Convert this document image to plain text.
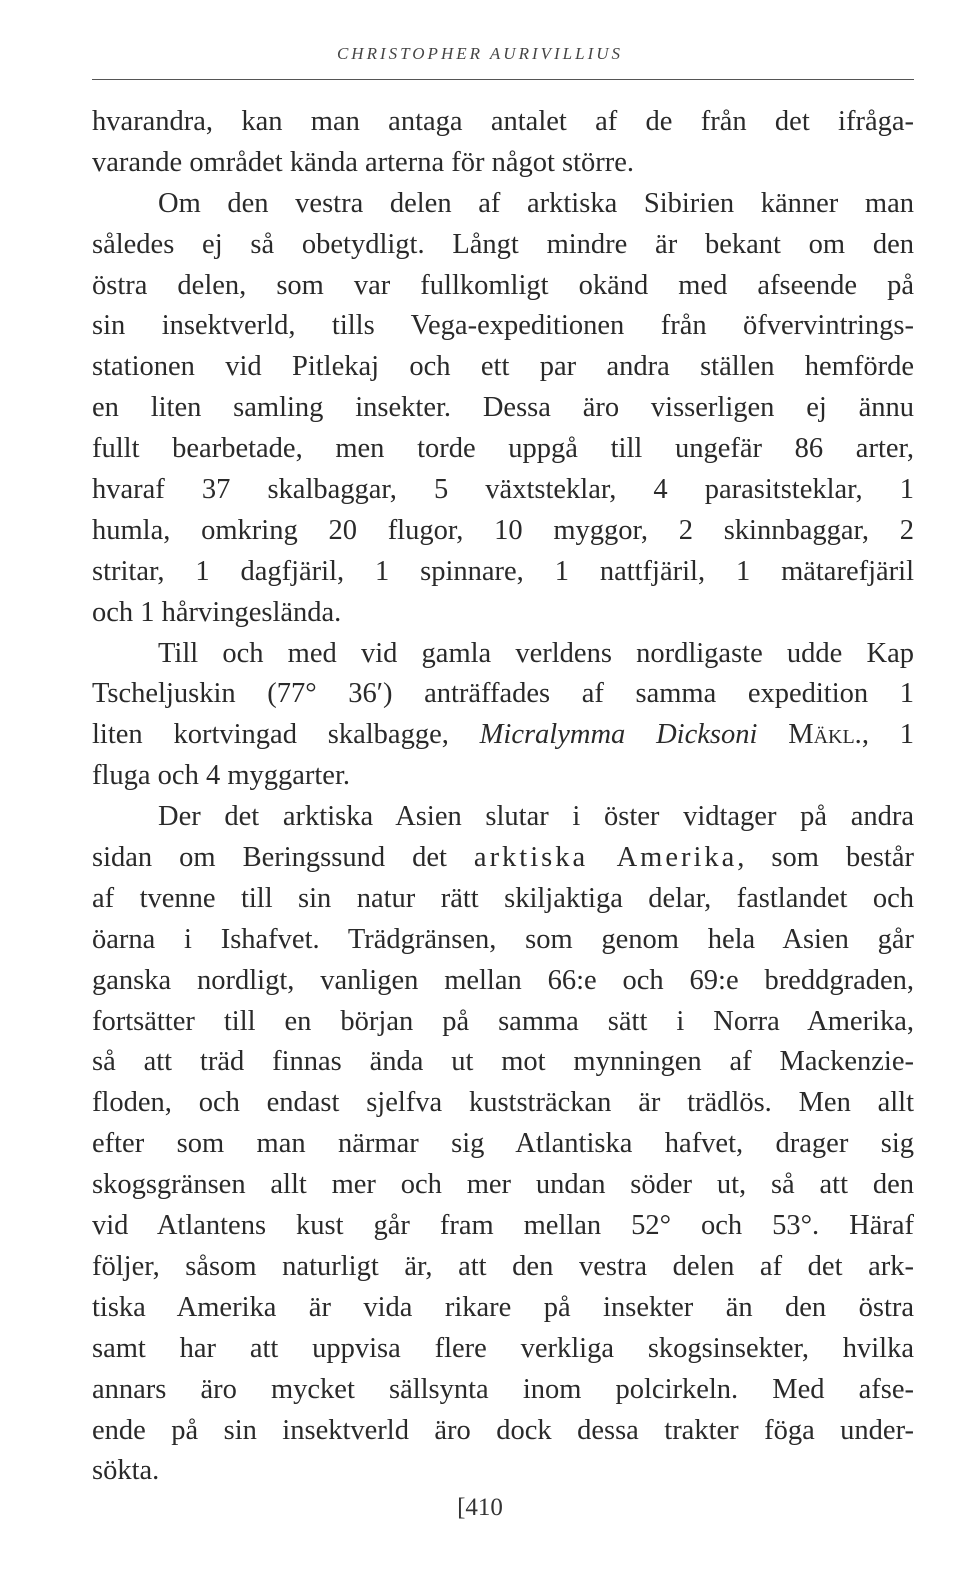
CHRISTOPHER AURIVILLIUS
hvarandra, kan man antaga antalet af de från det ifråga-
varande området kända arterna för något större.
Om den vestra delen af arktiska Sibirien känner man
således ej så obetydligt. Långt mindre är bekant om den
östra delen, som var fullkomligt okänd med afseende på
sin insektverld, tills Vega-expeditionen från öfvervintrings-
stationen vid Pitlekaj och ett par andra ställen hemförde
en liten samling insekter. Dessa äro visserligen ej ännu
fullt bearbetade, men torde uppgå till ungefär 86 arter,
hvaraf 37 skalbaggar, 5 växtsteklar, 4 parasitsteklar, 1
humla, omkring 20 flugor, 10 myggor, 2 skinnbaggar, 2
stritar, 1 dagfjäril, 1 spinnare, 1 nattfjäril, 1 mätarefjäril
och 1 hårvingesländа.
Till och med vid gamla verldens nordligaste udde Kap
Tscheljuskin (77° 36′) anträffades af samma expedition 1
liten kortvingad skalbagge, Micralymma Dicksoni Mäkl., 1
fluga och 4 myggarter.
Der det arktiska Asien slutar i öster vidtager på andra
sidan om Beringssund det arktiska Amerika, som består
af tvenne till sin natur rätt skiljaktiga delar, fastlandet och
öarna i Ishafvet. Trädgränsen, som genom hela Asien går
ganska nordligt, vanligen mellan 66:e och 69:e breddgraden,
fortsätter till en början på samma sätt i Norra Amerika,
så att träd finnas ända ut mot mynningen af Mackenzie-
floden, och endast sjelfva kuststräckan är trädlös. Men allt
efter som man närmar sig Atlantiska hafvet, drager sig
skogsgränsen allt mer och mer undan söder ut, så att den
vid Atlantens kust går fram mellan 52° och 53°. Häraf
följer, såsom naturligt är, att den vestra delen af det ark-
tiska Amerika är vida rikare på insekter än den östra
samt har att uppvisa flere verkliga skogsinsekter, hvilka
annars äro mycket sällsynta inom polcirkeln. Med afse-
ende på sin insektverld äro dock dessa trakter föga under-
sökta.
[410
